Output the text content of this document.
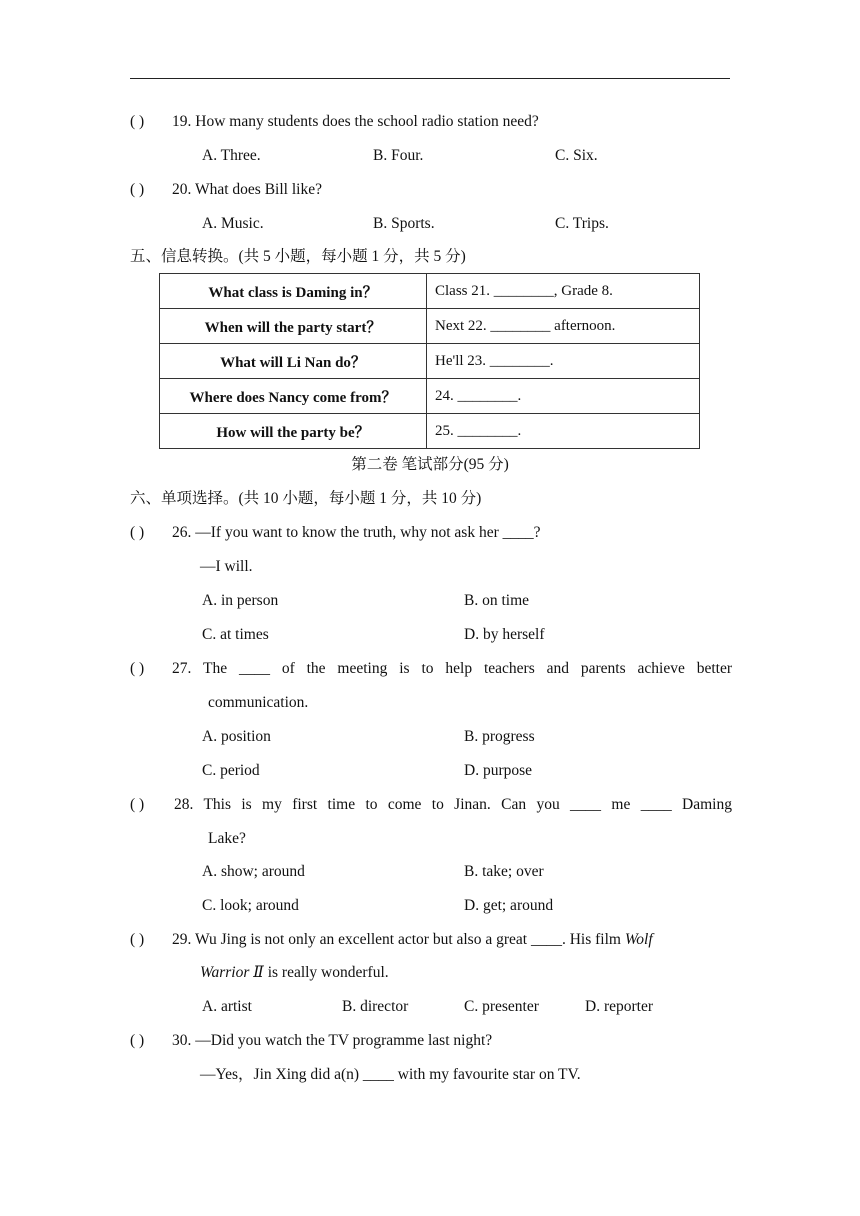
( ) 19. How many students does the school radio station need?
A. Three.	B. Four.	C. Six.
( ) 20. What does Bill like?
A. Music.	B. Sports.	C. Trips.
五、信息转换。(共 5 小题，每小题 1 分，共 5 分)
What class is Daming in？	Class 21. ________, Grade 8.
When will the party start？	Next 22. ________ afternoon.
What will Li Nan do？	He'll 23. ________.
Where does Nancy come from？	24. ________.
How will the party be？	25. ________.
第二卷 笔试部分(95 分)
六、单项选择。(共 10 小题，每小题 1 分，共 10 分)
( ) 26. —If you want to know the truth, why not ask her ____?
—I will.
A. in person	B. on time
C. at times	D. by herself
( ) 27. The ____ of the meeting is to help teachers and parents achieve better
communication.
A. position	B. progress
C. period	D. purpose
( ) 28. This is my first time to come to Jinan. Can you ____ me ____ Daming
Lake?
A. show; around	B. take; over
C. look; around	D. get; around
( ) 29. Wu Jing is not only an excellent actor but also a great ____. His film Wolf
Warrior Ⅱ is really wonderful.
A. artist	B. director	C. presenter	D. reporter
( ) 30. —Did you watch the TV programme last night?
—Yes，Jin Xing did a(n) ____ with my favourite star on TV.
